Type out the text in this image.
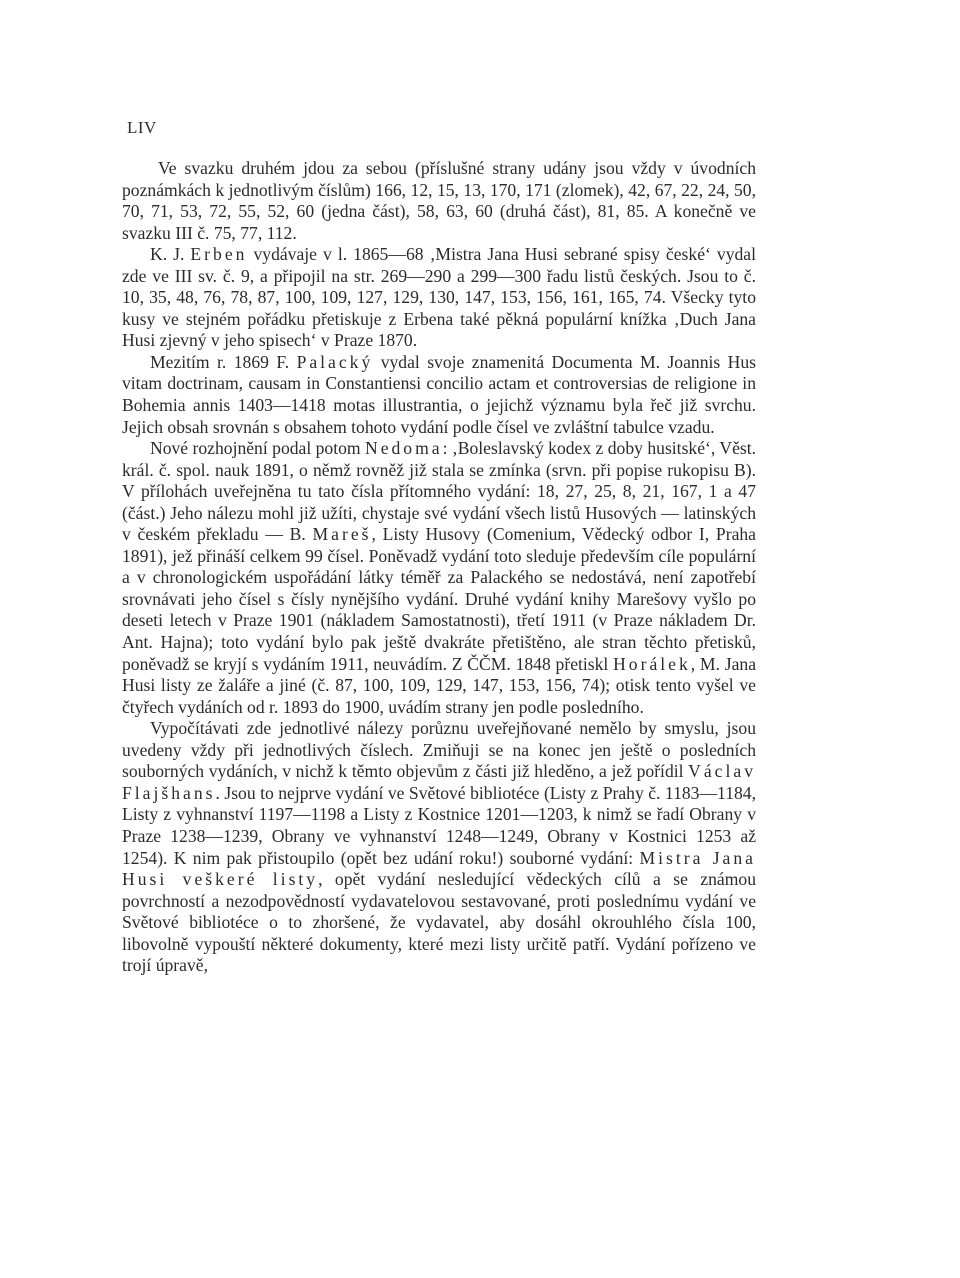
LIV

Ve svazku druhém jdou za sebou (příslušné strany udány jsou vždy v úvodních poznámkách k jednotlivým číslům) 166, 12, 15, 13, 170, 171 (zlomek), 42, 67, 22, 24, 50, 70, 71, 53, 72, 55, 52, 60 (jedna část), 58, 63, 60 (druhá část), 81, 85. A konečně ve svazku III č. 75, 77, 112.

K. J. Erben vydávaje v l. 1865—68 ‚Mistra Jana Husi sebrané spisy české‘ vydal zde ve III sv. č. 9, a připojil na str. 269—290 a 299—300 řadu listů českých. Jsou to č. 10, 35, 48, 76, 78, 87, 100, 109, 127, 129, 130, 147, 153, 156, 161, 165, 74. Všecky tyto kusy ve stejném pořádku přetiskuje z Erbena také pěkná populární knížka ‚Duch Jana Husi zjevný v jeho spisech‘ v Praze 1870.

Mezitím r. 1869 F. Palacký vydal svoje znamenitá Documenta M. Joannis Hus vitam doctrinam, causam in Constantiensi concilio actam et controversias de religione in Bohemia annis 1403—1418 motas illustrantia, o jejichž významu byla řeč již svrchu. Jejich obsah srovnán s obsahem tohoto vydání podle čísel ve zvláštní tabulce vzadu.

Nové rozhojnění podal potom Nedoma: ‚Boleslavský kodex z doby husitské‘, Věst. král. č. spol. nauk 1891, o němž rovněž již stala se zmínka (srvn. při popise rukopisu B). V přílohách uveřejněna tu tato čísla přítomného vydání: 18, 27, 25, 8, 21, 167, 1 a 47 (část.) Jeho nálezu mohl již užíti, chystaje své vydání všech listů Husových — latinských v českém překladu — B. Mareš, Listy Husovy (Comenium, Vědecký odbor I, Praha 1891), jež přináší celkem 99 čísel. Poněvadž vydání toto sleduje především cíle populární a v chronologickém uspořádání látky téměř za Palackého se nedostává, není zapotřebí srovnávati jeho čísel s čísly nynějšího vydání. Druhé vydání knihy Marešovy vyšlo po deseti letech v Praze 1901 (nákladem Samostatnosti), třetí 1911 (v Praze nákladem Dr. Ant. Hajna); toto vydání bylo pak ještě dvakráte přetištěno, ale stran těchto přetisků, poněvadž se kryjí s vydáním 1911, neuvádím. Z ČČM. 1848 přetiskl Horálek, M. Jana Husi listy ze žaláře a jiné (č. 87, 100, 109, 129, 147, 153, 156, 74); otisk tento vyšel ve čtyřech vydáních od r. 1893 do 1900, uvádím strany jen podle posledního.

Vypočítávati zde jednotlivé nálezy porůznu uveřejňované nemělo by smyslu, jsou uvedeny vždy při jednotlivých číslech. Zmiňuji se na konec jen ještě o posledních souborných vydáních, v nichž k těmto objevům z části již hleděno, a jež pořídil Václav Flajšhans. Jsou to nejprve vydání ve Světové bibliotéce (Listy z Prahy č. 1183—1184, Listy z vyhnanství 1197—1198 a Listy z Kostnice 1201—1203, k nimž se řadí Obrany v Praze 1238—1239, Obrany ve vyhnanství 1248—1249, Obrany v Kostnici 1253 až 1254). K nim pak přistoupilo (opět bez udání roku!) souborné vydání: Mistra Jana Husi veškeré listy, opět vydání nesledující vědeckých cílů a se známou povrchností a nezodpovědností vydavatelovou sestavované, proti poslednímu vydání ve Světové bibliotéce o to zhoršené, že vydavatel, aby dosáhl okrouhlého čísla 100, libovolně vypouští některé dokumenty, které mezi listy určitě patří. Vydání pořízeno ve trojí úpravě,
